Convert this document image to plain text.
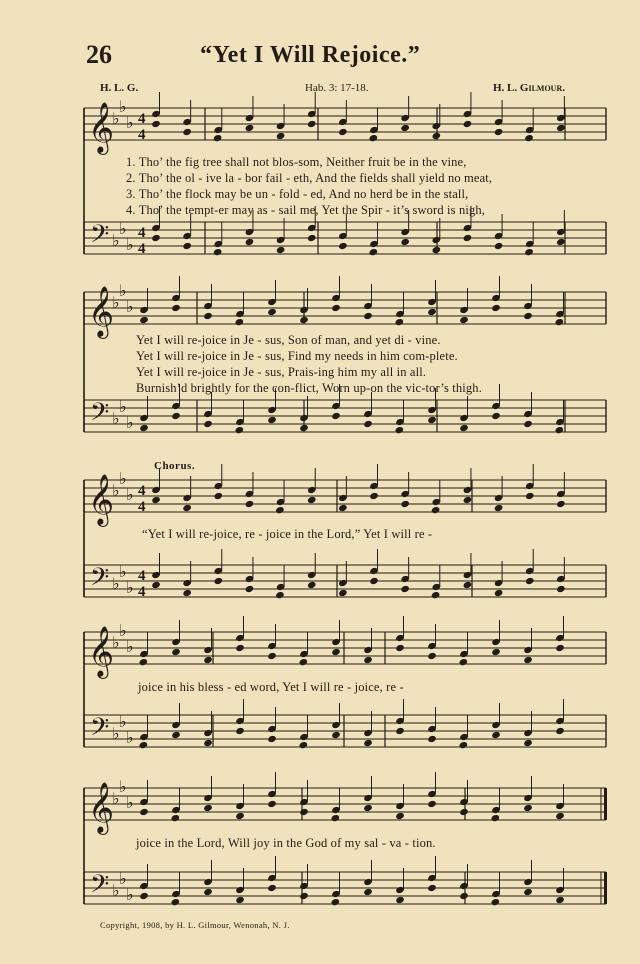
26	“Yet I Will Rejoice.”
H. L. G.	Hab. 3: 17-18.	H. L. Gilmour.
𝄞
♭
♭
♭ 4
4
𝄢 ♭
♭
♭
4
4
𝄞
♭
♭
♭
𝄢 ♭
♭
♭
𝄞
♭
♭
♭ 4
4
𝄢 ♭
♭
♭
4
4
𝄞
♭
♭
♭
𝄢 ♭
♭
♭
𝄞
♭
♭
♭
𝄢 ♭
♭
♭
1. Tho’ the fig tree shall not blos-som, Neither fruit be in the vine,
2. Tho’ the ol - ive la - bor fail - eth, And the fields shall yield no meat,
3. Tho’ the flock may be un - fold - ed, And no herd be in the stall,
4. Tho’ the tempt-er may as - sail me, Yet the Spir - it’s sword is nigh,
Yet I will re-joice in Je - sus, Son of man, and yet di - vine.
Yet I will re-joice in Je - sus, Find my needs in him com-plete.
Yet I will re-joice in Je - sus, Prais-ing him my all in all.
Burnish’d brightly for the con-flict, Worn up-on the vic-tor’s thigh.
Chorus.
“Yet I will re-joice, re - joice in the Lord,” Yet I will re -
joice in his bless - ed word, Yet I will re - joice, re -
joice in the Lord, Will joy in the God of my sal - va - tion.
Copyright, 1908, by H. L. Gilmour, Wenonah, N. J.
